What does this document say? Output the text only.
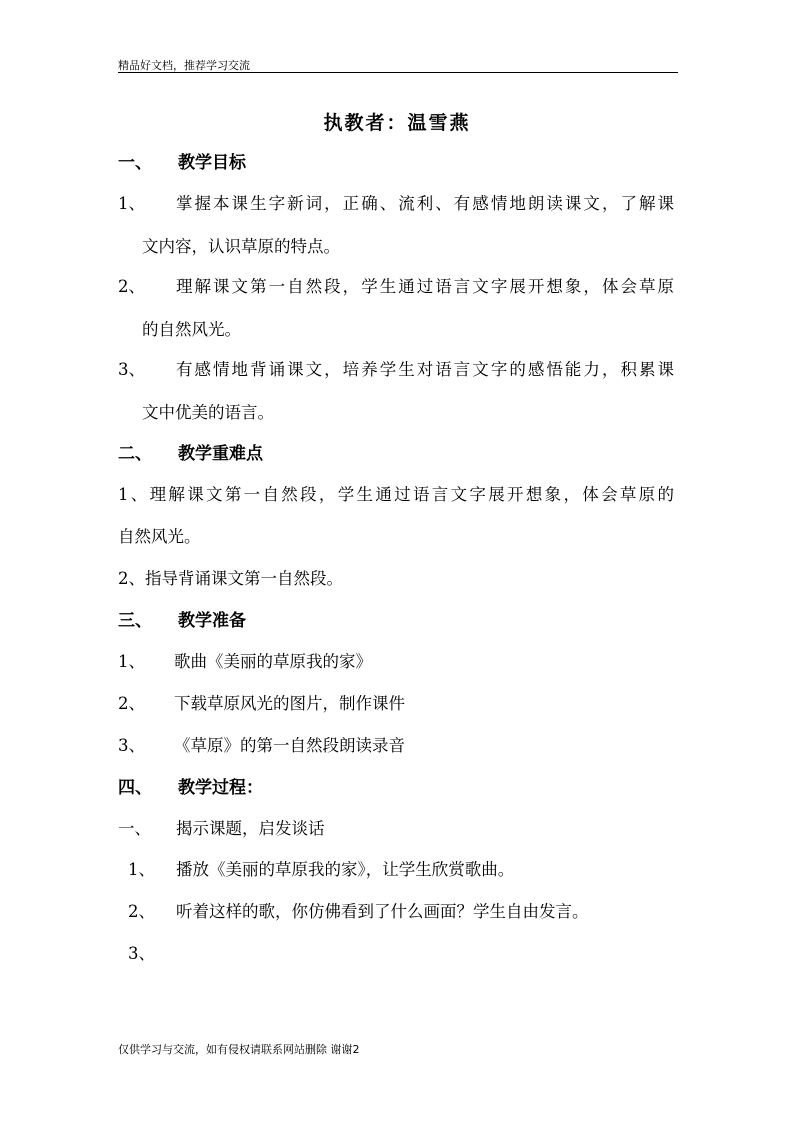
精品好文档，推荐学习交流
执教者：温雪燕
一、 教学目标
1、 掌握本课生字新词，正确、流利、有感情地朗读课文，了解课
文内容，认识草原的特点。
2、 理解课文第一自然段，学生通过语言文字展开想象，体会草原
的自然风光。
3、 有感情地背诵课文，培养学生对语言文字的感悟能力，积累课
文中优美的语言。
二、 教学重难点
1、理解课文第一自然段，学生通过语言文字展开想象，体会草原的
自然风光。
2、指导背诵课文第一自然段。
三、 教学准备
1、 歌曲《美丽的草原我的家》
2、 下载草原风光的图片，制作课件
3、 《草原》的第一自然段朗读录音
四、 教学过程：
一、 揭示课题，启发谈话
1、 播放《美丽的草原我的家》，让学生欣赏歌曲。
2、 听着这样的歌，你仿佛看到了什么画面？学生自由发言。
3、
仅供学习与交流，如有侵权请联系网站删除 谢谢2
